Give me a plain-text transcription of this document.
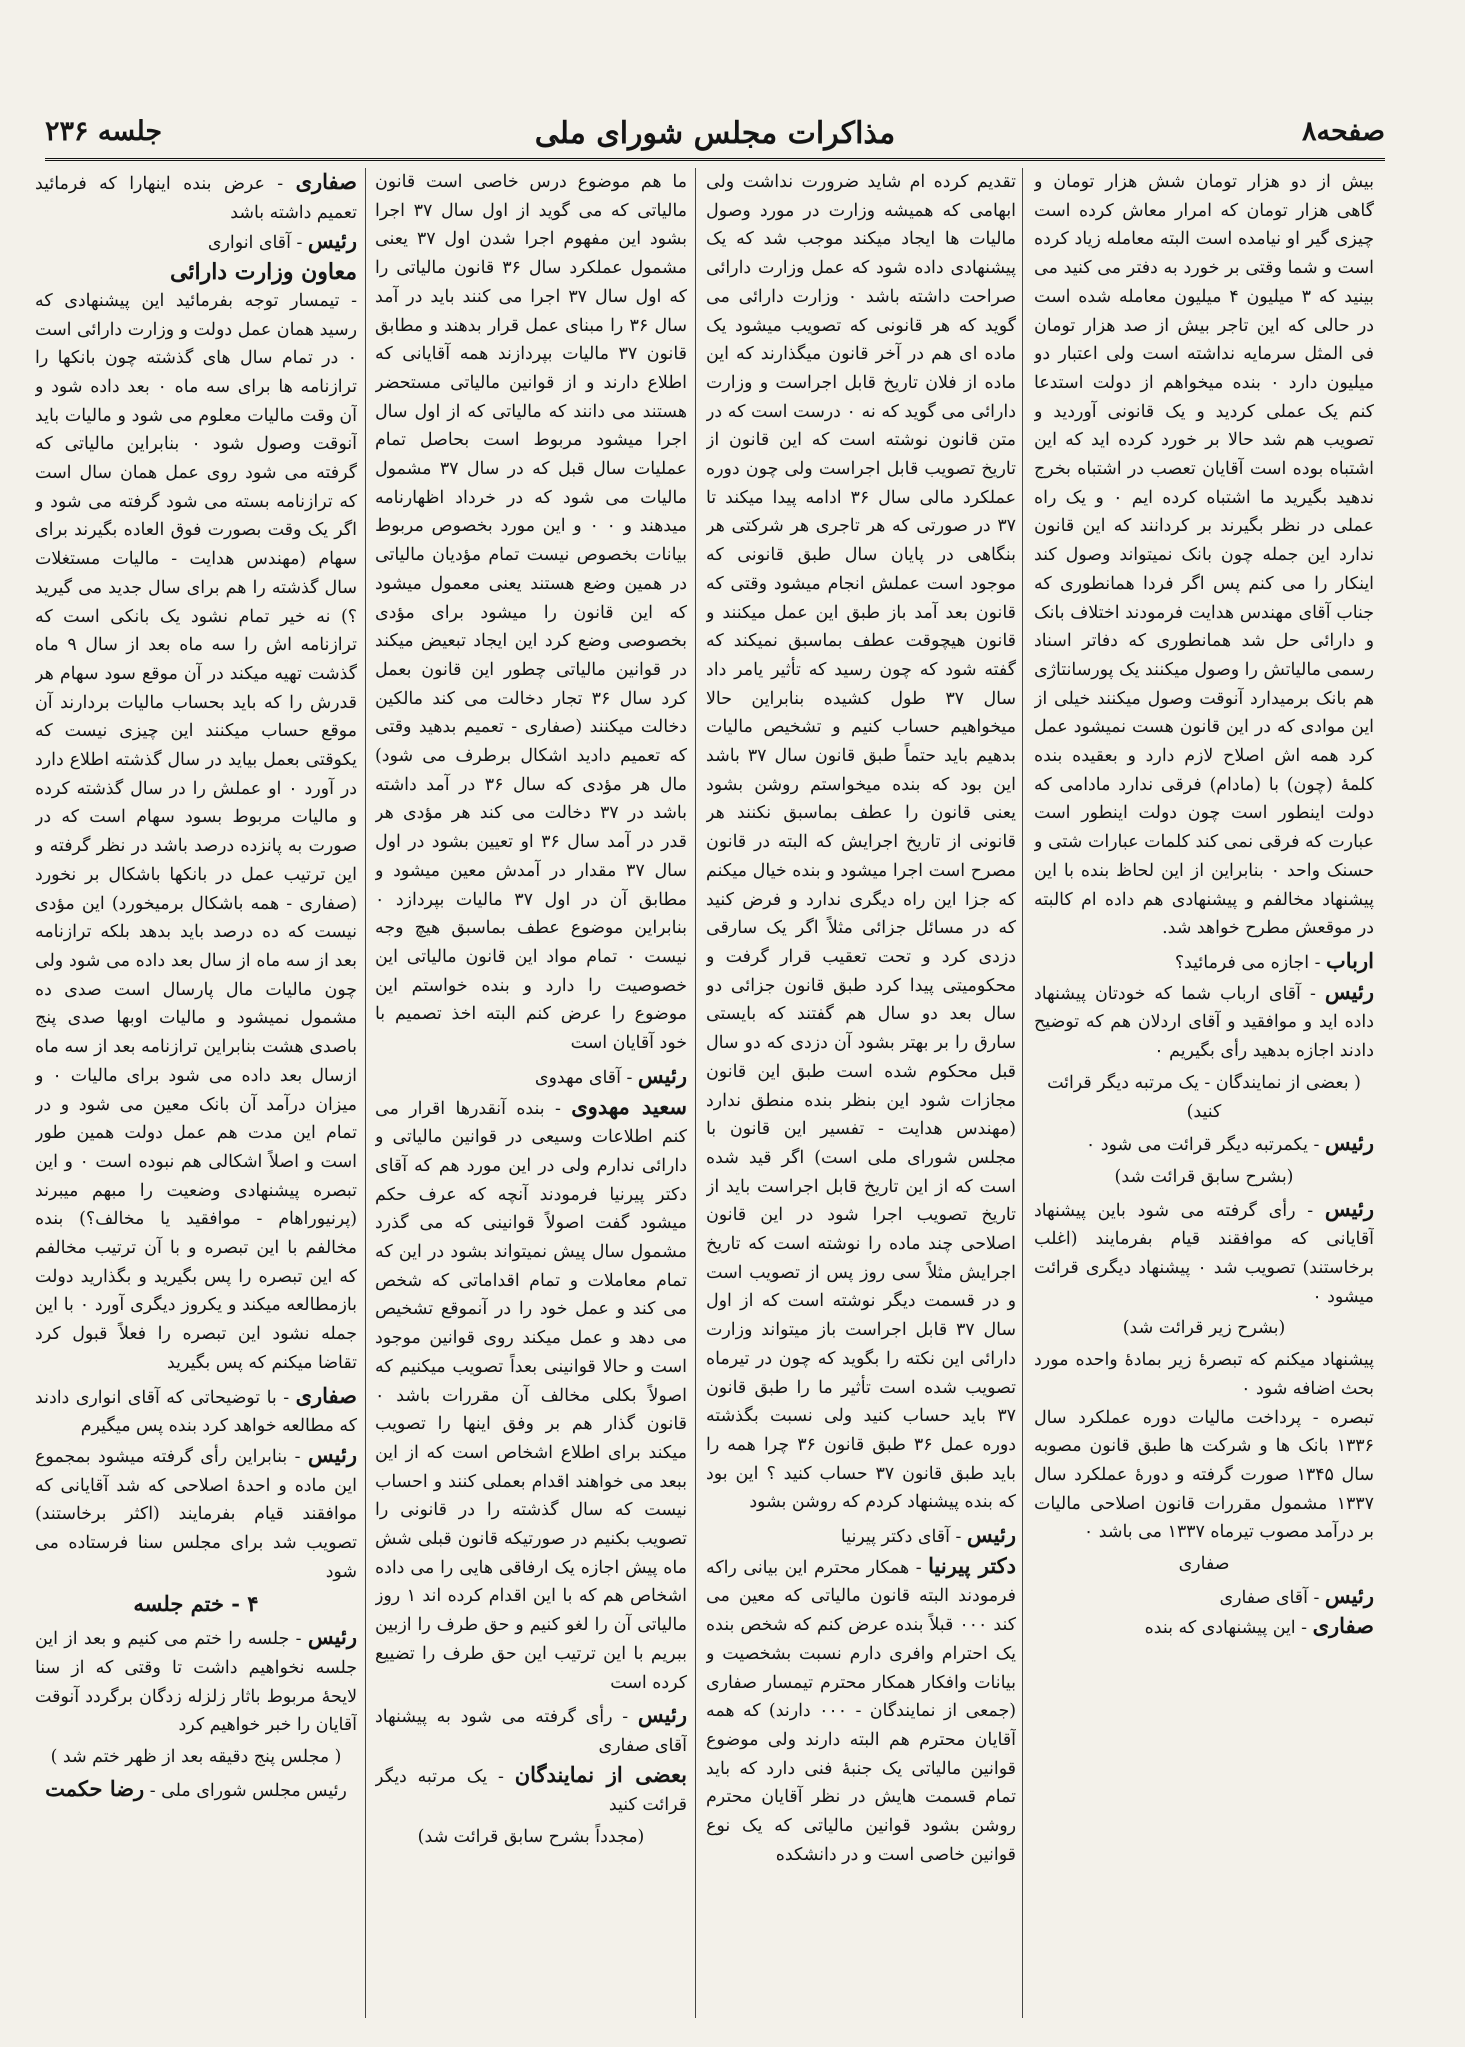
صفحه۸
مذاکرات مجلس شورای ملی
جلسه ۲۳۶

بیش از دو هزار تومان شش هزار تومان و گاهی هزار تومان که امرار معاش کرده است چیزی گیر او نیامده است البته معامله زیاد کرده است و شما وقتی بر خورد به دفتر می کنید می بینید که ۳ میلیون ۴ میلیون معامله شده است در حالی که این تاجر بیش از صد هزار تومان فی المثل سرمایه نداشته است ولی اعتبار دو میلیون دارد ۰ بنده میخواهم از دولت استدعا کنم یک عملی کردید و یک قانونی آوردید و تصویب هم شد حالا بر خورد کرده اید که این اشتباه بوده است آقایان تعصب در اشتباه بخرج ندهید بگیرید ما اشتباه کرده ایم ۰ و یک راه عملی در نظر بگیرند بر کردانند که این قانون ندارد این جمله چون بانک نمیتواند وصول کند اینکار را می کنم پس اگر فردا همانطوری که جناب آقای مهندس هدایت فرمودند اختلاف بانک و دارائی حل شد همانطوری که دفاتر اسناد رسمی مالیاتش را وصول میکنند یک پورسانتاژی هم بانک برمیدارد آنوقت وصول میکنند خیلی از این موادی که در این قانون هست نمیشود عمل کرد همه اش اصلاح لازم دارد و بعقیده بنده کلمهٔ (چون) با (مادام) فرقی ندارد مادامی که دولت اینطور است چون دولت اینطور است عبارت که فرقی نمی کند کلمات عبارات شتی و حسنک واحد ۰ بنابراین از این لحاظ بنده با این پیشنهاد مخالفم و پیشنهادی هم داده ام کالبته در موقعش مطرح خواهد شد.

ارباب - اجازه می فرمائید؟

رئیس - آقای ارباب شما که خودتان پیشنهاد داده اید و موافقید و آقای اردلان هم که توضیح دادند اجازه بدهید رأی بگیریم ۰

( بعضی از نمایندگان - یک مرتبه دیگر قرائت کنید)

رئیس - یکمرتبه دیگر قرائت می شود ۰

(بشرح سابق قرائت شد)

رئیس - رأی گرفته می شود باین پیشنهاد آقایانی که موافقند قیام بفرمایند (اغلب برخاستند) تصویب شد ۰ پیشنهاد دیگری قرائت میشود ۰

(بشرح زیر قرائت شد)

پیشنهاد میکنم که تبصرهٔ زیر بمادهٔ واحده مورد بحث اضافه شود ۰

تبصره - پرداخت مالیات دوره عملکرد سال ۱۳۳۶ بانک ها و شرکت ها طبق قانون مصوبه سال ۱۳۴۵ صورت گرفته و دورهٔ عملکرد سال ۱۳۳۷ مشمول مقررات قانون اصلاحی مالیات بر درآمد مصوب تیرماه ۱۳۳۷ می باشد ۰

صفاری

رئیس - آقای صفاری

صفاری - این پیشنهادی که بنده

تقدیم کرده ام شاید ضرورت نداشت ولی ابهامی که همیشه وزارت در مورد وصول مالیات ها ایجاد میکند موجب شد که یک پیشنهادی داده شود که عمل وزارت دارائی صراحت داشته باشد ۰ وزارت دارائی می گوید که هر قانونی که تصویب میشود یک ماده ای هم در آخر قانون میگذارند که این ماده از فلان تاریخ قابل اجراست و وزارت دارائی می گوید که نه ۰ درست است که در متن قانون نوشته است که این قانون از تاریخ تصویب قابل اجراست ولی چون دوره عملکرد مالی سال ۳۶ ادامه پیدا میکند تا ۳۷ در صورتی که هر تاجری هر شرکتی هر بنگاهی در پایان سال طبق قانونی که موجود است عملش انجام میشود وقتی که قانون بعد آمد باز طبق این عمل میکنند و قانون هیچوقت عطف بماسبق نمیکند که گفته شود که چون رسید که تأثیر یامر داد سال ۳۷ طول کشیده بنابراین حالا میخواهیم حساب کنیم و تشخیص مالیات بدهیم باید حتماً طبق قانون سال ۳۷ باشد این بود که بنده میخواستم روشن بشود یعنی قانون را عطف بماسبق نکنند هر قانونی از تاریخ اجرایش که البته در قانون مصرح است اجرا میشود و بنده خیال میکنم که جزا این راه دیگری ندارد و فرض کنید که در مسائل جزائی مثلاً اگر یک سارقی دزدی کرد و تحت تعقیب قرار گرفت و محکومیتی پیدا کرد طبق قانون جزائی دو سال بعد دو سال هم گفتند که بایستی سارق را بر بهتر بشود آن دزدی که دو سال قبل محکوم شده است طبق این قانون مجازات شود این بنظر بنده منطق ندارد (مهندس هدایت - تفسیر این قانون با مجلس شورای ملی است) اگر قید شده است که از این تاریخ قابل اجراست باید از تاریخ تصویب اجرا شود در این قانون اصلاحی چند ماده را نوشته است که تاریخ اجرایش مثلاً سی روز پس از تصویب است و در قسمت دیگر نوشته است که از اول سال ۳۷ قابل اجراست باز میتواند وزارت دارائی این نکته را بگوید که چون در تیرماه تصویب شده است تأثیر ما را طبق قانون ۳۷ باید حساب کنید ولی نسبت بگذشته دوره عمل ۳۶ طبق قانون ۳۶ چرا همه را باید طبق قانون ۳۷ حساب کنید ؟ این بود که بنده پیشنهاد کردم که روشن بشود

رئیس - آقای دکتر پیرنیا

دکتر پیرنیا - همکار محترم این بیانی راکه فرمودند البته قانون مالیاتی که معین می کند ۰۰۰ قبلاً بنده عرض کنم که شخص بنده یک احترام وافری دارم نسبت بشخصیت و بیانات وافکار همکار محترم تیمسار صفاری (جمعی از نمایندگان - ۰۰۰ دارند) که همه آقایان محترم هم البته دارند ولی موضوع قوانین مالیاتی یک جنبهٔ فنی دارد که باید تمام قسمت هایش در نظر آقایان محترم روشن بشود قوانین مالیاتی که یک نوع قوانین خاصی است و در دانشکده

ما هم موضوع درس خاصی است قانون مالیاتی که می گوید از اول سال ۳۷ اجرا بشود این مفهوم اجرا شدن اول ۳۷ یعنی مشمول عملکرد سال ۳۶ قانون مالیاتی را که اول سال ۳۷ اجرا می کنند باید در آمد سال ۳۶ را مبنای عمل قرار بدهند و مطابق قانون ۳۷ مالیات بپردازند همه آقایانی که اطلاع دارند و از قوانین مالیاتی مستحضر هستند می دانند که مالیاتی که از اول سال اجرا میشود مربوط است بحاصل تمام عملیات سال قبل که در سال ۳۷ مشمول مالیات می شود که در خرداد اظهارنامه میدهند و ۰ ۰ و این مورد بخصوص مربوط بیانات بخصوص نیست تمام مؤدیان مالیاتی در همین وضع هستند یعنی معمول میشود که این قانون را میشود برای مؤدی بخصوصی وضع کرد این ایجاد تبعیض میکند در قوانین مالیاتی چطور این قانون بعمل کرد سال ۳۶ تجار دخالت می کند مالکین دخالت میکنند (صفاری - تعمیم بدهید وقتی که تعمیم دادید اشکال برطرف می شود) مال هر مؤدی که سال ۳۶ در آمد داشته باشد در ۳۷ دخالت می کند هر مؤدی هر قدر در آمد سال ۳۶ او تعیین بشود در اول سال ۳۷ مقدار در آمدش معین میشود و مطابق آن در اول ۳۷ مالیات بپردازد ۰ بنابراین موضوع عطف بماسبق هیچ وجه نیست ۰ تمام مواد این قانون مالیاتی این خصوصیت را دارد و بنده خواستم این موضوع را عرض کنم البته اخذ تصمیم با خود آقایان است

رئیس - آقای مهدوی

سعید مهدوی - بنده آنقدرها اقرار می کنم اطلاعات وسیعی در قوانین مالیاتی و دارائی ندارم ولی در این مورد هم که آقای دکتر پیرنیا فرمودند آنچه که عرف حکم میشود گفت اصولاً قوانینی که می گذرد مشمول سال پیش نمیتواند بشود در این که تمام معاملات و تمام اقداماتی که شخص می کند و عمل خود را در آنموقع تشخیص می دهد و عمل میکند روی قوانین موجود است و حالا قوانینی بعداً تصویب میکنیم که اصولاً بکلی مخالف آن مقررات باشد ۰ قانون گذار هم بر وفق اینها را تصویب میکند برای اطلاع اشخاص است که از این ببعد می خواهند اقدام بعملی کنند و احساب نیست که سال گذشته را در قانونی را تصویب بکنیم در صورتیکه قانون قبلی شش ماه پیش اجازه یک ارفاقی هایی را می داده اشخاص هم که با این اقدام کرده اند ۱ روز مالیاتی آن را لغو کنیم و حق طرف را ازبین ببریم با این ترتیب این حق طرف را تضییع کرده است

رئیس - رأی گرفته می شود به پیشنهاد آقای صفاری

بعضی از نمایندگان - یک مرتبه دیگر قرائت کنید

(مجدداً بشرح سابق قرائت شد)

صفاری - عرض بنده اینهارا که فرمائید تعمیم داشته باشد

رئیس - آقای انواری

معاون وزارت دارائی
- تیمسار توجه بفرمائید این پیشنهادی که رسید همان عمل دولت و وزارت دارائی است ۰ در تمام سال های گذشته چون بانکها را ترازنامه ها برای سه ماه ۰ بعد داده شود و آن وقت مالیات معلوم می شود و مالیات باید آنوقت وصول شود ۰ بنابراین مالیاتی که گرفته می شود روی عمل همان سال است که ترازنامه بسته می شود گرفته می شود و اگر یک وقت بصورت فوق العاده بگیرند برای سهام (مهندس هدایت - مالیات مستغلات سال گذشته را هم برای سال جدید می گیرید ؟) نه خیر تمام نشود یک بانکی است که ترازنامه اش را سه ماه بعد از سال ۹ ماه گذشت تهیه میکند در آن موقع سود سهام هر قدرش را که باید بحساب مالیات بردارند آن موقع حساب میکنند این چیزی نیست که یکوقتی بعمل بیاید در سال گذشته اطلاع دارد در آورد ۰ او عملش را در سال گذشته کرده و مالیات مربوط بسود سهام است که در صورت به پانزده درصد باشد در نظر گرفته و این ترتیب عمل در بانکها باشکال بر نخورد (صفاری - همه باشکال برمیخورد) این مؤدی نیست که ده درصد باید بدهد بلکه ترازنامه بعد از سه ماه از سال بعد داده می شود ولی چون مالیات مال پارسال است صدی ده مشمول نمیشود و مالیات اوبها صدی پنج باصدی هشت بنابراین ترازنامه بعد از سه ماه ازسال بعد داده می شود برای مالیات ۰ و میزان درآمد آن بانک معین می شود و در تمام این مدت هم عمل دولت همین طور است و اصلاً اشکالی هم نبوده است ۰ و این تبصره پیشنهادی وضعیت را مبهم میبرند (پرنیوراهام - موافقید یا مخالف؟) بنده مخالفم با این تبصره و با آن ترتیب مخالفم که این تبصره را پس بگیرید و بگذارید دولت بازمطالعه میکند و یکروز دیگری آورد ۰ با این جمله نشود این تبصره را فعلاً قبول کرد تقاضا میکنم که پس بگیرید

صفاری - با توضیحاتی که آقای انواری دادند که مطالعه خواهد کرد بنده پس میگیرم

رئیس - بنابراین رأی گرفته میشود بمجموع این ماده و احدهٔ اصلاحی که شد آقایانی که موافقند قیام بفرمایند (اکثر برخاستند) تصویب شد برای مجلس سنا فرستاده می شود

۴ - ختم جلسه

رئیس - جلسه را ختم می کنیم و بعد از این جلسه نخواهیم داشت تا وقتی که از سنا لایحهٔ مربوط باثار زلزله زدگان برگردد آنوقت آقایان را خبر خواهیم کرد

( مجلس پنج دقیقه بعد از ظهر ختم شد )

رئیس مجلس شورای ملی - رضا حکمت
